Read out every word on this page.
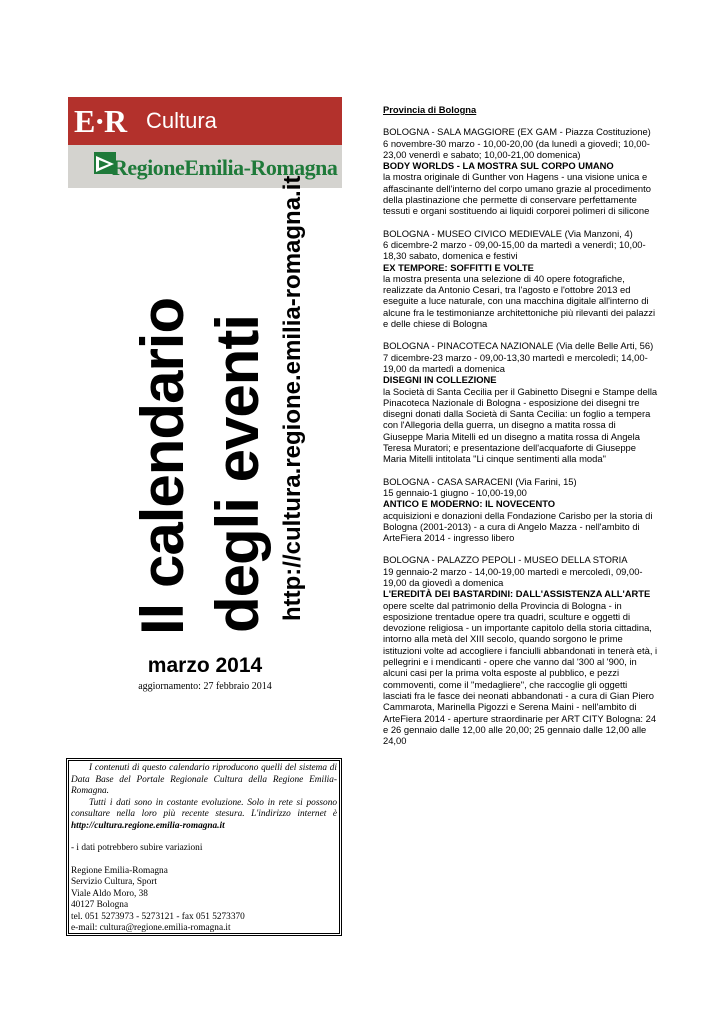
E·R Cultura
RegioneEmilia-Romagna
Il calendario degli eventi http://cultura.regione.emilia-romagna.it
marzo 2014
aggiornamento: 27 febbraio 2014

I contenuti di questo calendario riproducono quelli del sistema di Data Base del Portale Regionale Cultura della Regione Emilia-Romagna.

Tutti i dati sono in costante evoluzione. Solo in rete si possono consultare nella loro più recente stesura. L'indirizzo internet è http://cultura.regione.emilia-romagna.it

- i dati potrebbero subire variazioni

Regione Emilia-Romagna

Servizio Cultura, Sport

Viale Aldo Moro, 38

40127 Bologna

tel. 051 5273973 - 5273121 - fax 051 5273370

e-mail: cultura@regione.emilia-romagna.it

Provincia di Bologna

BOLOGNA - SALA MAGGIORE (EX GAM - Piazza Costituzione)

6 novembre-30 marzo - 10,00-20,00 (da lunedì a giovedì; 10,00-23,00 venerdì e sabato; 10,00-21,00 domenica)

BODY WORLDS - LA MOSTRA SUL CORPO UMANO

la mostra originale di Gunther von Hagens - una visione unica e affascinante dell'interno del corpo umano grazie al procedimento della plastinazione che permette di conservare perfettamente tessuti e organi sostituendo ai liquidi corporei polimeri di silicone

BOLOGNA - MUSEO CIVICO MEDIEVALE (Via Manzoni, 4)

6 dicembre-2 marzo - 09,00-15,00 da martedì a venerdì; 10,00-18,30 sabato, domenica e festivi

EX TEMPORE: SOFFITTI E VOLTE

la mostra presenta una selezione di 40 opere fotografiche, realizzate da Antonio Cesari, tra l'agosto e l'ottobre 2013 ed eseguite a luce naturale, con una macchina digitale all'interno di alcune fra le testimonianze architettoniche più rilevanti dei palazzi e delle chiese di Bologna

BOLOGNA - PINACOTECA NAZIONALE (Via delle Belle Arti, 56)

7 dicembre-23 marzo - 09,00-13,30 martedì e mercoledì; 14,00-19,00 da martedì a domenica

DISEGNI IN COLLEZIONE

la Società di Santa Cecilia per il Gabinetto Disegni e Stampe della Pinacoteca Nazionale di Bologna - esposizione dei disegni tre disegni donati dalla Società di Santa Cecilia: un foglio a tempera con l'Allegoria della guerra, un disegno a matita rossa di Giuseppe Maria Mitelli ed un disegno a matita rossa di Angela Teresa Muratori; e presentazione dell'acquaforte di Giuseppe Maria Mitelli intitolata "Li cinque sentimenti alla moda"

BOLOGNA - CASA SARACENI (Via Farini, 15)

15 gennaio-1 giugno - 10,00-19,00

ANTICO E MODERNO: IL NOVECENTO

acquisizioni e donazioni della Fondazione Carisbo per la storia di Bologna (2001-2013) - a cura di Angelo Mazza - nell'ambito di ArteFiera 2014 - ingresso libero

BOLOGNA - PALAZZO PEPOLI - MUSEO DELLA STORIA

19 gennaio-2 marzo - 14,00-19,00 martedì e mercoledì, 09,00-19,00 da giovedì a domenica

L'EREDITÀ DEI BASTARDINI: DALL'ASSISTENZA ALL'ARTE

opere scelte dal patrimonio della Provincia di Bologna - in esposizione trentadue opere tra quadri, sculture e oggetti di devozione religiosa - un importante capitolo della storia cittadina, intorno alla metà del XIII secolo, quando sorgono le prime istituzioni volte ad accogliere i fanciulli abbandonati in tenerà età, i pellegrini e i mendicanti - opere che vanno dal '300 al '900, in alcuni casi per la prima volta esposte al pubblico, e pezzi commoventi, come il "medagliere", che raccoglie gli oggetti lasciati fra le fasce dei neonati abbandonati - a cura di Gian Piero Cammarota, Marinella Pigozzi e Serena Maini - nell'ambito di ArteFiera 2014 - aperture straordinarie per ART CITY Bologna: 24 e 26 gennaio dalle 12,00 alle 20,00; 25 gennaio dalle 12,00 alle 24,00
